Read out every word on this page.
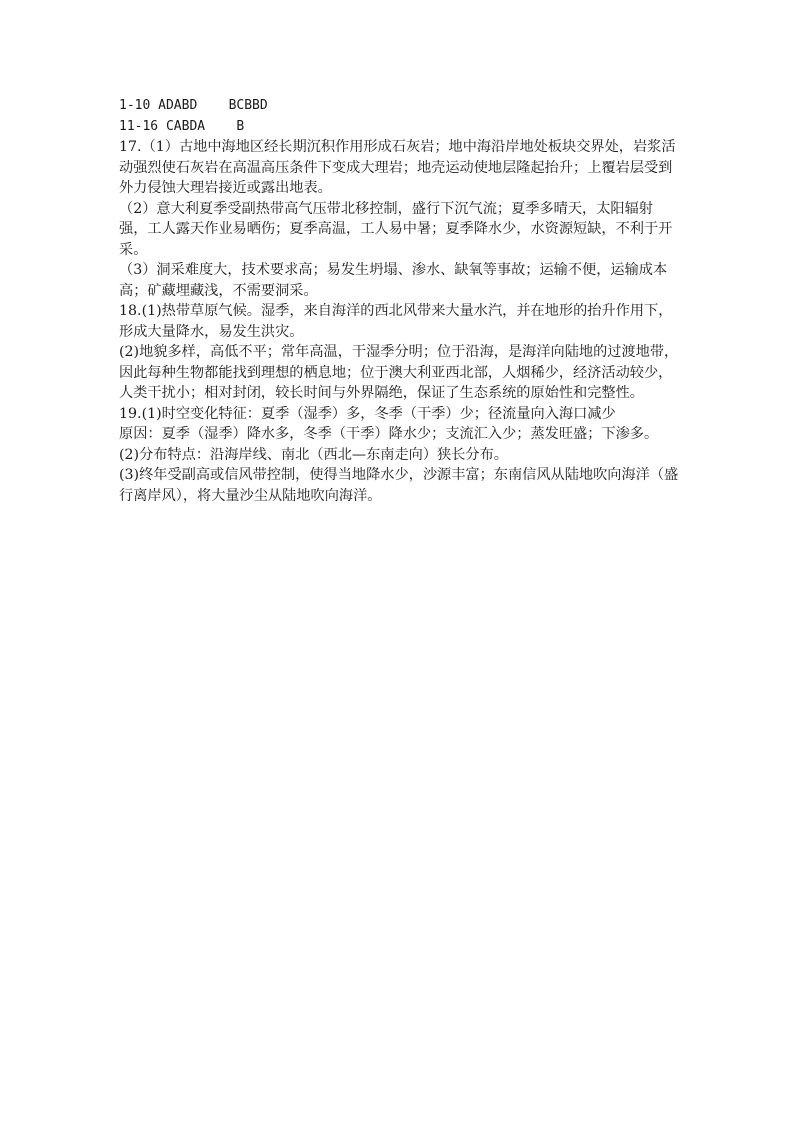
1-10 ADABD    BCBBD

11-16 CABDA    B

17.（1）古地中海地区经长期沉积作用形成石灰岩；地中海沿岸地处板块交界处，岩浆活动强烈使石灰岩在高温高压条件下变成大理岩；地壳运动使地层隆起抬升；上覆岩层受到外力侵蚀大理岩接近或露出地表。

（2）意大利夏季受副热带高气压带北移控制，盛行下沉气流；夏季多晴天，太阳辐射强，工人露天作业易晒伤；夏季高温，工人易中暑；夏季降水少，水资源短缺，不利于开采。

（3）洞采难度大，技术要求高；易发生坍塌、渗水、缺氧等事故；运输不便，运输成本高；矿藏埋藏浅，不需要洞采。

18.(1)热带草原气候。湿季，来自海洋的西北风带来大量水汽，并在地形的抬升作用下，形成大量降水，易发生洪灾。

(2)地貌多样，高低不平；常年高温，干湿季分明；位于沿海，是海洋向陆地的过渡地带，因此每种生物都能找到理想的栖息地；位于澳大利亚西北部，人烟稀少，经济活动较少，人类干扰小；相对封闭，较长时间与外界隔绝，保证了生态系统的原始性和完整性。

19.(1)时空变化特征：夏季（湿季）多，冬季（干季）少；径流量向入海口减少

原因：夏季（湿季）降水多，冬季（干季）降水少；支流汇入少；蒸发旺盛；下渗多。

(2)分布特点：沿海岸线、南北（西北—东南走向）狭长分布。

(3)终年受副高或信风带控制，使得当地降水少，沙源丰富；东南信风从陆地吹向海洋（盛行离岸风），将大量沙尘从陆地吹向海洋。
